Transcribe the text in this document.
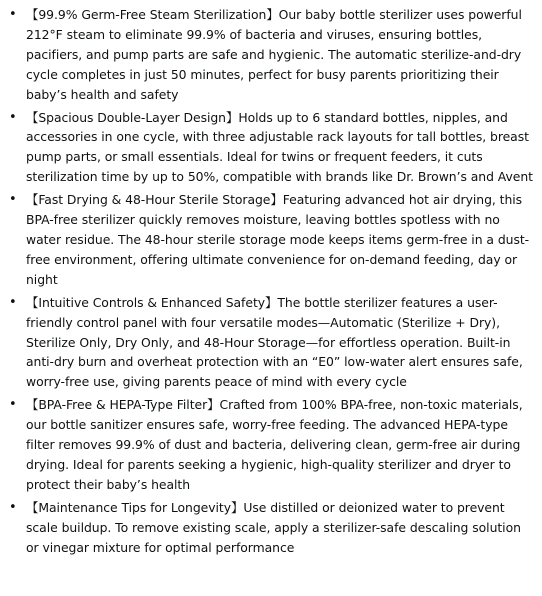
• 【99.9% Germ-Free Steam Sterilization】Our baby bottle sterilizer uses powerful 212°F steam to eliminate 99.9% of bacteria and viruses, ensuring bottles, pacifiers, and pump parts are safe and hygienic. The automatic sterilize-and-dry cycle completes in just 50 minutes, perfect for busy parents prioritizing their baby’s health and safety
• 【Spacious Double-Layer Design】Holds up to 6 standard bottles, nipples, and accessories in one cycle, with three adjustable rack layouts for tall bottles, breast pump parts, or small essentials. Ideal for twins or frequent feeders, it cuts sterilization time by up to 50%, compatible with brands like Dr. Brown’s and Avent
• 【Fast Drying & 48-Hour Sterile Storage】Featuring advanced hot air drying, this BPA-free sterilizer quickly removes moisture, leaving bottles spotless with no water residue. The 48-hour sterile storage mode keeps items germ-free in a dust-free environment, offering ultimate convenience for on-demand feeding, day or night
• 【Intuitive Controls & Enhanced Safety】The bottle sterilizer features a user-friendly control panel with four versatile modes—Automatic (Sterilize + Dry), Sterilize Only, Dry Only, and 48-Hour Storage—for effortless operation. Built-in anti-dry burn and overheat protection with an “E0” low-water alert ensures safe, worry-free use, giving parents peace of mind with every cycle
• 【BPA-Free & HEPA-Type Filter】Crafted from 100% BPA-free, non-toxic materials, our bottle sanitizer ensures safe, worry-free feeding. The advanced HEPA-type filter removes 99.9% of dust and bacteria, delivering clean, germ-free air during drying. Ideal for parents seeking a hygienic, high-quality sterilizer and dryer to protect their baby’s health
• 【Maintenance Tips for Longevity】Use distilled or deionized water to prevent scale buildup. To remove existing scale, apply a sterilizer-safe descaling solution or vinegar mixture for optimal performance
